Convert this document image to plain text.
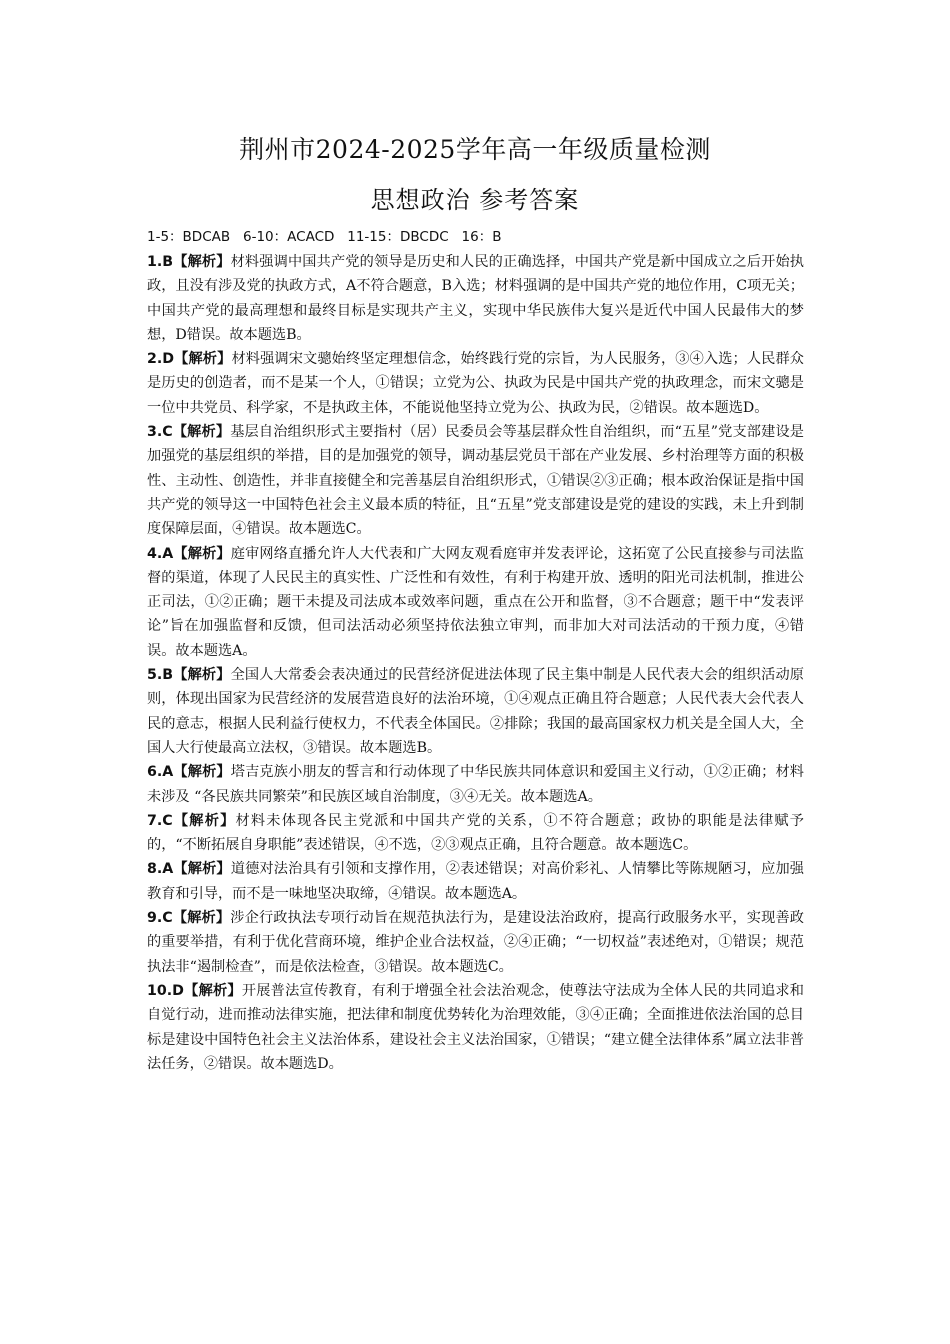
荆州市2024-2025学年高一年级质量检测
思想政治 参考答案
1-5：BDCAB   6-10：ACACD   11-15：DBCDC   16：B

1.B【解析】材料强调中国共产党的领导是历史和人民的正确选择，中国共产党是新中国成立之后开始执政，且没有涉及党的执政方式，A不符合题意，B入选；材料强调的是中国共产党的地位作用，C项无关；中国共产党的最高理想和最终目标是实现共产主义，实现中华民族伟大复兴是近代中国人民最伟大的梦想，D错误。故本题选B。

2.D【解析】材料强调宋文骢始终坚定理想信念，始终践行党的宗旨，为人民服务，③④入选；人民群众是历史的创造者，而不是某一个人，①错误；立党为公、执政为民是中国共产党的执政理念，而宋文骢是一位中共党员、科学家，不是执政主体，不能说他坚持立党为公、执政为民，②错误。故本题选D。

3.C【解析】基层自治组织形式主要指村（居）民委员会等基层群众性自治组织，而“五星”党支部建设是加强党的基层组织的举措，目的是加强党的领导，调动基层党员干部在产业发展、乡村治理等方面的积极性、主动性、创造性，并非直接健全和完善基层自治组织形式，①错误②③正确；根本政治保证是指中国共产党的领导这一中国特色社会主义最本质的特征，且“五星”党支部建设是党的建设的实践，未上升到制度保障层面，④错误。故本题选C。

4.A【解析】庭审网络直播允许人大代表和广大网友观看庭审并发表评论，这拓宽了公民直接参与司法监督的渠道，体现了人民民主的真实性、广泛性和有效性，有利于构建开放、透明的阳光司法机制，推进公正司法，①②正确；题干未提及司法成本或效率问题，重点在公开和监督，③不合题意；题干中“发表评论”旨在加强监督和反馈，但司法活动必须坚持依法独立审判，而非加大对司法活动的干预力度，④错误。故本题选A。

5.B【解析】全国人大常委会表决通过的民营经济促进法体现了民主集中制是人民代表大会的组织活动原则，体现出国家为民营经济的发展营造良好的法治环境，①④观点正确且符合题意；人民代表大会代表人民的意志，根据人民利益行使权力，不代表全体国民。②排除；我国的最高国家权力机关是全国人大，全国人大行使最高立法权，③错误。故本题选B。

6.A【解析】塔吉克族小朋友的誓言和行动体现了中华民族共同体意识和爱国主义行动，①②正确；材料未涉及 “各民族共同繁荣”和民族区域自治制度，③④无关。故本题选A。

7.C【解析】材料未体现各民主党派和中国共产党的关系，①不符合题意；政协的职能是法律赋予的，“不断拓展自身职能”表述错误，④不选，②③观点正确，且符合题意。故本题选C。

8.A【解析】道德对法治具有引领和支撑作用，②表述错误；对高价彩礼、人情攀比等陈规陋习，应加强教育和引导，而不是一味地坚决取缔，④错误。故本题选A。

9.C【解析】涉企行政执法专项行动旨在规范执法行为，是建设法治政府，提高行政服务水平，实现善政的重要举措，有利于优化营商环境，维护企业合法权益，②④正确；“一切权益”表述绝对，①错误；规范执法非“遏制检查”，而是依法检查，③错误。故本题选C。

10.D【解析】开展普法宣传教育，有利于增强全社会法治观念，使尊法守法成为全体人民的共同追求和自觉行动，进而推动法律实施，把法律和制度优势转化为治理效能，③④正确；全面推进依法治国的总目标是建设中国特色社会主义法治体系，建设社会主义法治国家，①错误；“建立健全法律体系”属立法非普法任务，②错误。故本题选D。
